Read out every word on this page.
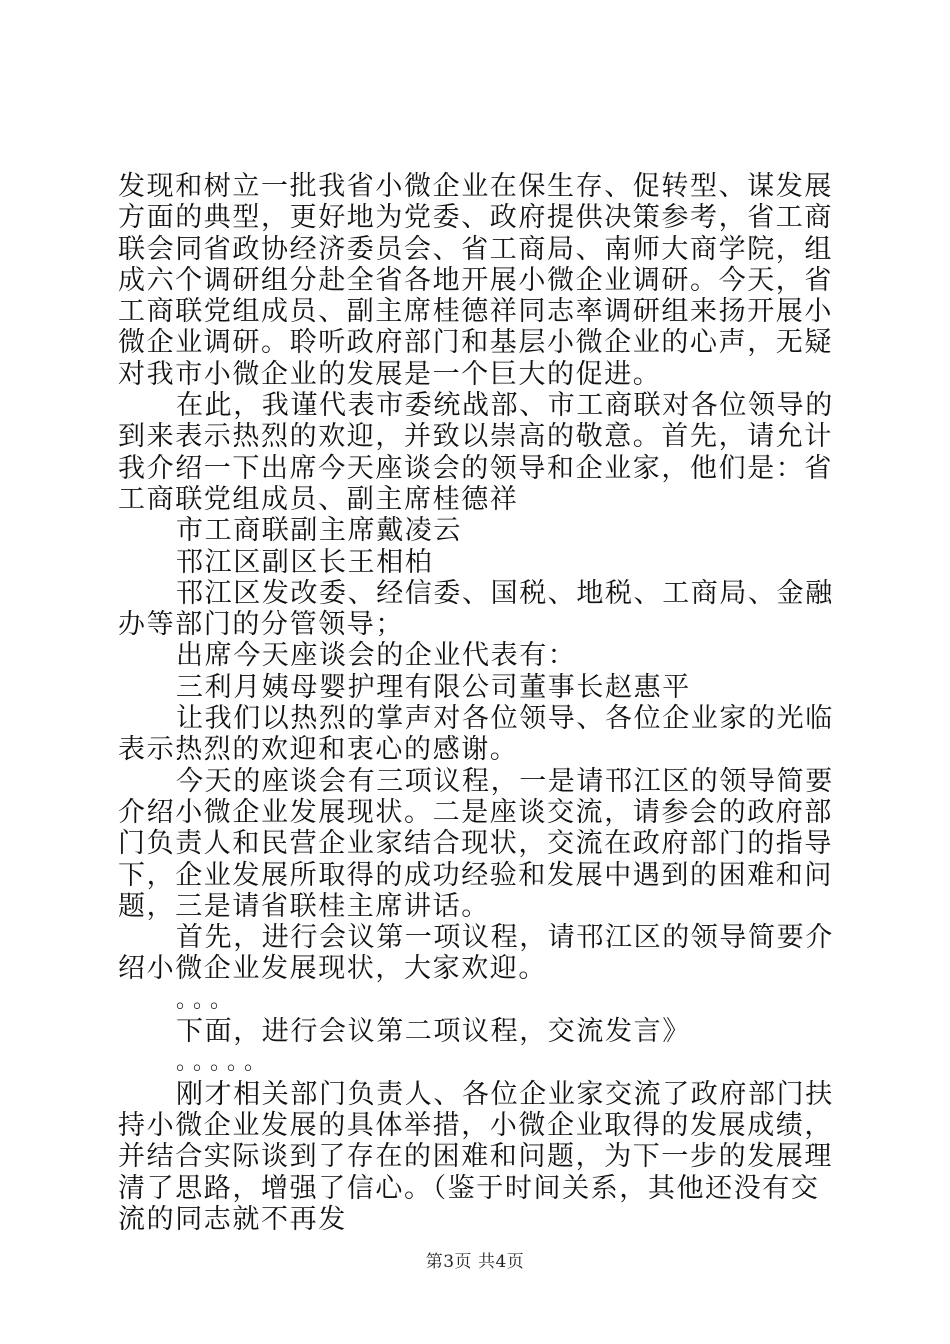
发现和树立一批我省小微企业在保生存、促转型、谋发展方面的典型，更好地为党委、政府提供决策参考，省工商联会同省政协经济委员会、省工商局、南师大商学院，组成六个调研组分赴全省各地开展小微企业调研。今天，省工商联党组成员、副主席桂德祥同志率调研组来扬开展小微企业调研。聆听政府部门和基层小微企业的心声，无疑对我市小微企业的发展是一个巨大的促进。

在此，我谨代表市委统战部、市工商联对各位领导的到来表示热烈的欢迎，并致以崇高的敬意。首先，请允计我介绍一下出席今天座谈会的领导和企业家，他们是：省工商联党组成员、副主席桂德祥

市工商联副主席戴凌云

邗江区副区长王相柏

邗江区发改委、经信委、国税、地税、工商局、金融办等部门的分管领导；

出席今天座谈会的企业代表有：

三利月姨母婴护理有限公司董事长赵惠平

让我们以热烈的掌声对各位领导、各位企业家的光临表示热烈的欢迎和衷心的感谢。

今天的座谈会有三项议程，一是请邗江区的领导简要介绍小微企业发展现状。二是座谈交流，请参会的政府部门负责人和民营企业家结合现状，交流在政府部门的指导下，企业发展所取得的成功经验和发展中遇到的困难和问题，三是请省联桂主席讲话。

首先，进行会议第一项议程，请邗江区的领导简要介绍小微企业发展现状，大家欢迎。

。。。

下面，进行会议第二项议程，交流发言》

。。。。。

刚才相关部门负责人、各位企业家交流了政府部门扶持小微企业发展的具体举措，小微企业取得的发展成绩，并结合实际谈到了存在的困难和问题，为下一步的发展理清了思路，增强了信心。（鉴于时间关系，其他还没有交流的同志就不再发

第3页 共4页
